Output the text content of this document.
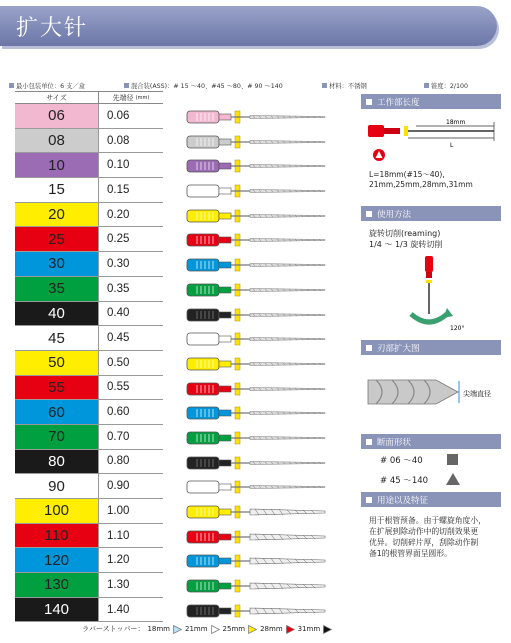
扩大针
最小包装单位：6 支／盒	混合装(ASS)：# 15 ～40、#45 ～80、# 90 ～140	材料：不锈钢	锥度：2/100
サイズ	先端径 (mm)
06	0.06
08	0.08
10	0.10
15	0.15
20	0.20
25	0.25
30	0.30
35	0.35
40	0.40
45	0.45
50	0.50
55	0.55
60	0.60
70	0.70
80	0.80
90	0.90
100	1.00
110	1.10
120	1.20
130	1.30
140	1.40
ラバーストッパー： 18mm 21mm 25mm 28mm 31mm
工作部长度
18mm
L
L=18mm(#15～40),
21mm,25mm,28mm,31mm
使用方法
旋转切削(reaming)
1/4 ～ 1/3 旋转切削
120°
刃部扩大图
尖端直径
断面形状
# 06 ～40
# 45 ～140
用途以及特征
用于根管预备。由于螺旋角度小，
在扩展到除动作中的切削效果更
优异。切削碎片厚，刮除动作制
备1的根管界面呈圆形。
